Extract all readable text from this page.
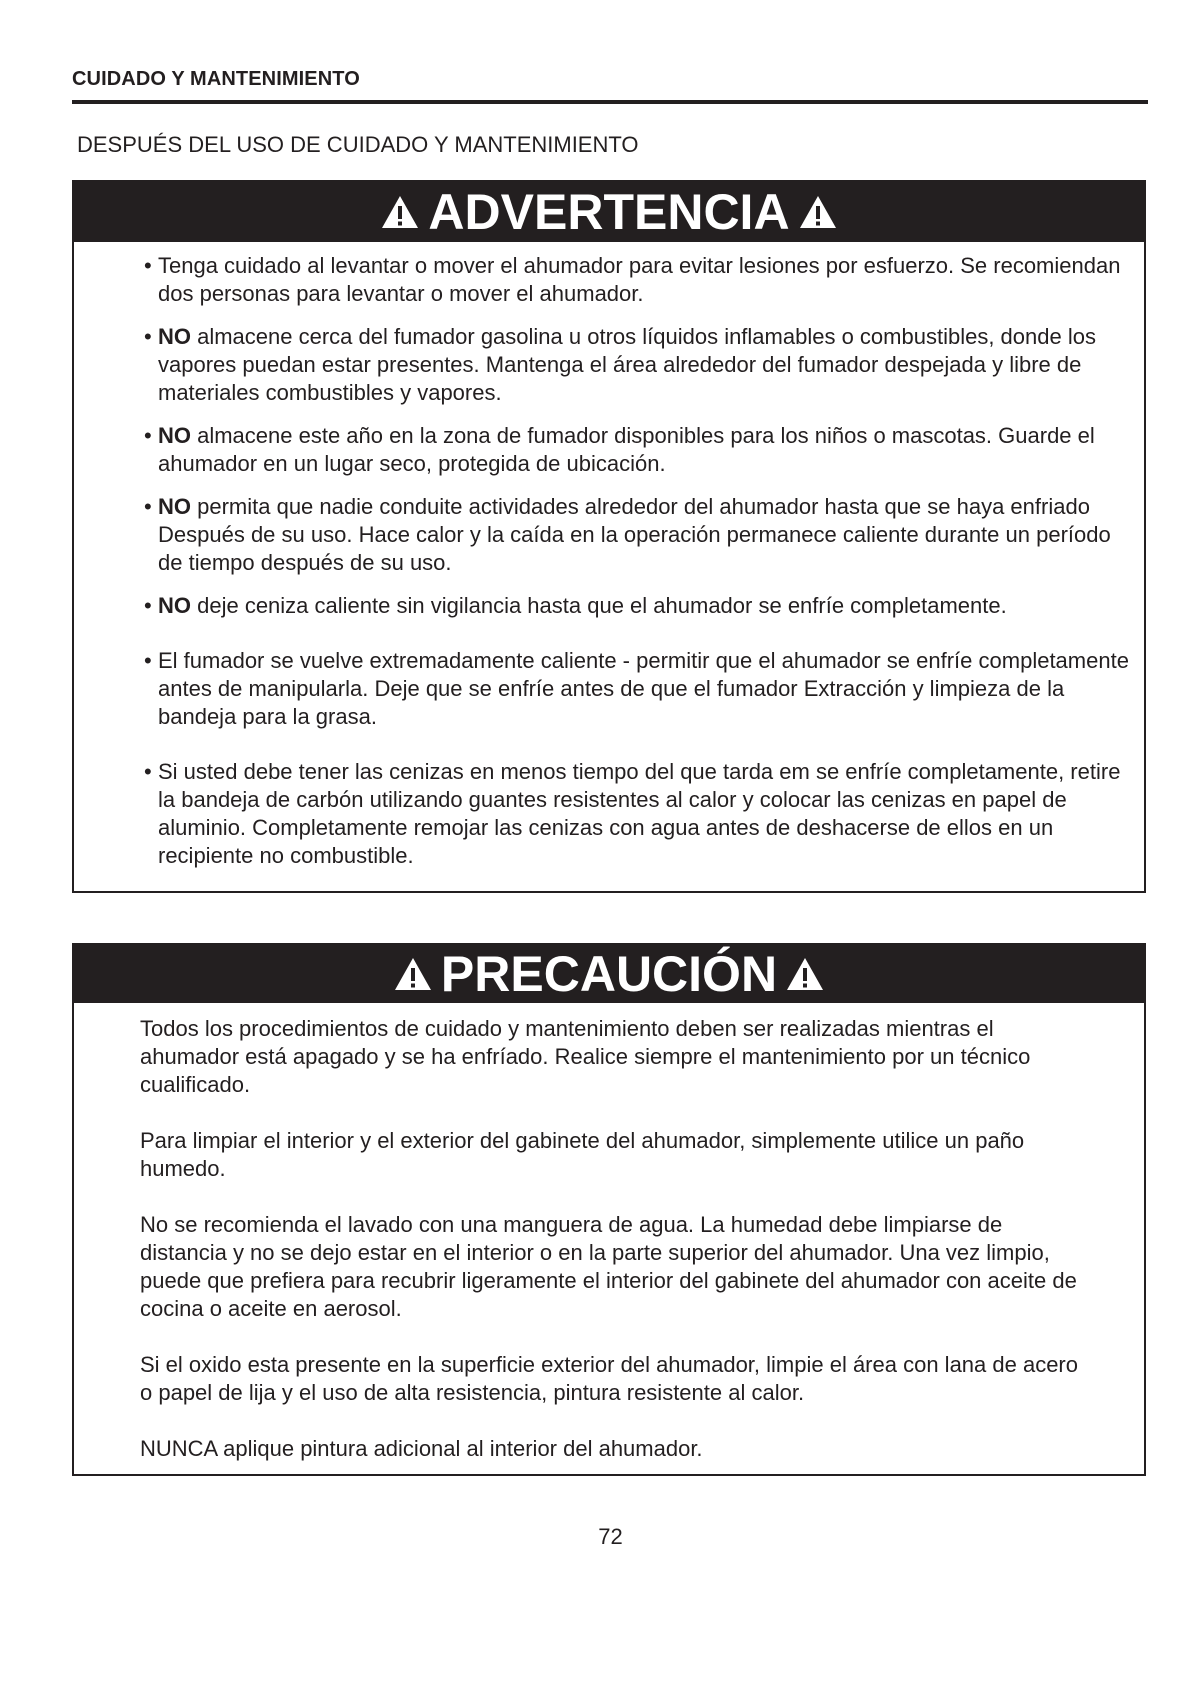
CUIDADO Y MANTENIMIENTO
DESPUÉS DEL USO DE CUIDADO Y MANTENIMIENTO
ADVERTENCIA
• Tenga cuidado al levantar o mover el ahumador para evitar lesiones por esfuerzo. Se recomiendan dos personas para levantar o mover el ahumador.
• NO almacene cerca del fumador gasolina u otros líquidos inflamables o combustibles, donde los vapores puedan estar presentes. Mantenga el área alrededor del fumador despejada y libre de materiales combustibles y vapores.
• NO almacene este año en la zona de fumador disponibles para los niños o mascotas. Guarde el ahumador en un lugar seco, protegida de ubicación.
• NO permita que nadie conduite actividades alrededor del ahumador hasta que se haya enfriado Después de su uso. Hace calor y la caída en la operación permanece caliente durante un período de tiempo después de su uso.
• NO deje ceniza caliente sin vigilancia hasta que el ahumador se enfríe completamente.
• El fumador se vuelve extremadamente caliente - permitir que el ahumador se enfríe completamente antes de manipularla. Deje que se enfríe antes de que el fumador Extracción y limpieza de la bandeja para la grasa.
• Si usted debe tener las cenizas en menos tiempo del que tarda em se enfríe completamente, retire la bandeja de carbón utilizando guantes resistentes al calor y colocar las cenizas en papel de aluminio. Completamente remojar las cenizas con agua antes de deshacerse de ellos en un recipiente no combustible.
PRECAUCIÓN

Todos los procedimientos de cuidado y mantenimiento deben ser realizadas mientras el ahumador está apagado y se ha enfríado. Realice siempre el mantenimiento por un técnico cualificado.

Para limpiar el interior y el exterior del gabinete del ahumador, simplemente utilice un paño humedo.

No se recomienda el lavado con una manguera de agua. La humedad debe limpiarse de distancia y no se dejo estar en el interior o en la parte superior del ahumador. Una vez limpio, puede que prefiera para recubrir ligeramente el interior del gabinete del ahumador con aceite de cocina o aceite en aerosol.

Si el oxido esta presente en la superficie exterior del ahumador, limpie el área con lana de acero o papel de lija y el uso de alta resistencia, pintura resistente al calor.

NUNCA aplique pintura adicional al interior del ahumador.

72
